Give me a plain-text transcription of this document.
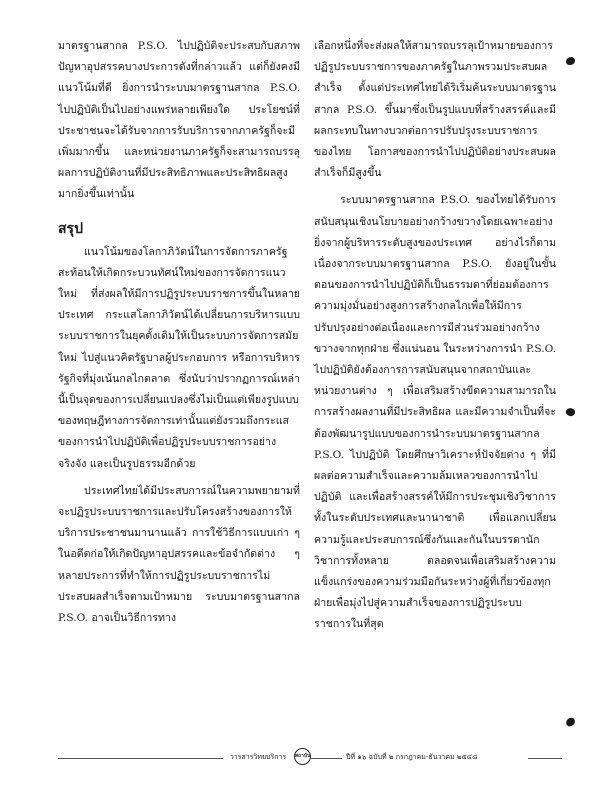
มาตรฐานสากล P.S.O. ไปปฏิบัติจะประสบกับสภาพปัญหาอุปสรรคบางประการดังที่กล่าวแล้ว แต่ก็ยังคงมีแนวโน้มที่ดี ยิ่งการนำระบบมาตรฐานสากล P.S.O. ไปปฏิบัติเป็นไปอย่างแพร่หลายเพียงใด ประโยชน์ที่ประชาชนจะได้รับจากการรับบริการจากภาครัฐก็จะมีเพิ่มมากขึ้น และหน่วยงานภาครัฐก็จะสามารถบรรลุผลการปฏิบัติงานที่มีประสิทธิภาพและประสิทธิผลสูงมากยิ่งขึ้นเท่านั้น

สรุป

แนวโน้มของโลกาภิวัตน์ในการจัดการภาครัฐสะท้อนให้เกิดกระบวนทัศน์ใหม่ของการจัดการแนวใหม่ ที่ส่งผลให้มีการปฏิรูประบบราชการขึ้นในหลายประเทศ กระแสโลกาภิวัตน์ได้เปลี่ยนการบริหารแบบระบบราชการในยุคดั้งเดิมให้เป็นระบบการจัดการสมัยใหม่ ไปสู่แนวคิดรัฐบาลผู้ประกอบการ หรือการบริหารรัฐกิจที่มุ่งเน้นกลไกตลาด ซึ่งนับว่าปรากฏการณ์เหล่านี้เป็นจุดของการเปลี่ยนแปลงซึ่งไม่เป็นแต่เพียงรูปแบบของทฤษฎีทางการจัดการเท่านั้นแต่ยังรวมถึงกระแสของการนำไปปฏิบัติเพื่อปฏิรูประบบราชการอย่างจริงจัง และเป็นรูปธรรมอีกด้วย

ประเทศไทยได้มีประสบการณ์ในความพยายามที่จะปฏิรูประบบราชการและปรับโครงสร้างของการให้บริการประชาชนมานานแล้ว การใช้วิธีการแบบเก่า ๆ ในอดีตก่อให้เกิดปัญหาอุปสรรคและข้อจำกัดต่าง ๆ หลายประการที่ทำให้การปฏิรูประบบราชการไม่ประสบผลสำเร็จตามเป้าหมาย ระบบมาตรฐานสากล P.S.O. อาจเป็นวิธีการทาง

เลือกหนึ่งที่จะส่งผลให้สามารถบรรลุเป้าหมายของการปฏิรูประบบราชการของภาครัฐในภาพรวมประสบผลสำเร็จ ตั้งแต่ประเทศไทยได้ริเริ่มค้นระบบมาตรฐานสากล P.S.O. ขึ้นมาซึ่งเป็นรูปแบบที่สร้างสรรค์และมีผลกระทบในทางบวกต่อการปรับปรุงระบบราชการของไทย โอกาสของการนำไปปฏิบัติอย่างประสบผลสำเร็จก็มีสูงขึ้น

ระบบมาตรฐานสากล P.S.O. ของไทยได้รับการสนับสนุนเชิงนโยบายอย่างกว้างขวางโดยเฉพาะอย่างยิ่งจากผู้บริหารระดับสูงของประเทศ อย่างไรก็ตาม เนื่องจากระบบมาตรฐานสากล P.S.O. ยังอยู่ในขั้นตอนของการนำไปปฏิบัติก็เป็นธรรมดาที่ย่อมต้องการความมุ่งมั่นอย่างสูงการสร้างกลไกเพื่อให้มีการปรับปรุงอย่างต่อเนื่องและการมีส่วนร่วมอย่างกว้างขวางจากทุกฝ่าย ซึ่งแน่นอน ในระหว่างการนำ P.S.O. ไปปฏิบัติยังต้องการการสนับสนุนจากสถาบันและหน่วยงานต่าง ๆ เพื่อเสริมสร้างขีดความสามารถในการสร้างผลงานที่มีประสิทธิผล และมีความจำเป็นที่จะต้องพัฒนารูปแบบของการนำระบบมาตรฐานสากล P.S.O. ไปปฏิบัติ โดยศึกษาวิเคราะห์ปัจจัยต่าง ๆ ที่มีผลต่อความสำเร็จและความล้มเหลวของการนำไปปฏิบัติ และเพื่อสร้างสรรค์ให้มีการประชุมเชิงวิชาการทั้งในระดับประเทศและนานาชาติ เพื่อแลกเปลี่ยนความรู้และประสบการณ์ซึ่งกันและกันในบรรดานักวิชาการทั้งหลาย ตลอดจนเพื่อเสริมสร้างความแข็งแกร่งของความร่วมมือกันระหว่างผู้ที่เกี่ยวข้องทุกฝ่ายเพื่อมุ่งไปสู่ความสำเร็จของการปฏิรูประบบราชการในที่สุด

วารสารวิทยบริการ	สถาบัน	ปีที่ ๑๖ ฉบับที่ ๒ กรกฎาคม-ธันวาคม ๒๕๔๘
